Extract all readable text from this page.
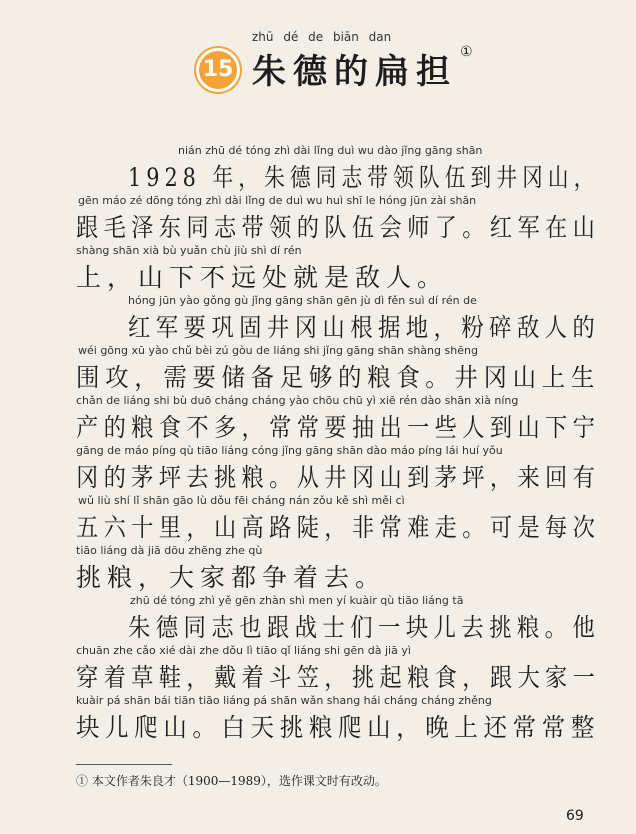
zhū dé de biān dan
15 朱德的扁担 ①
nián zhū dé tóng zhì dài lǐng duì wu dào jǐng gāng shān
1928 年，朱德同志带领队伍到井冈山，
gēn máo zé dōng tóng zhì dài lǐng de duì wu huì shī le hóng jūn zài shān
跟毛泽东同志带领的队伍会师了。红军在山
shàng shān xià bù yuǎn chù jiù shì dí rén
上，山下不远处就是敌人。
hóng jūn yào gǒng gù jǐng gāng shān gēn jù dì fěn suì dí rén de
红军要巩固井冈山根据地，粉碎敌人的
wéi gōng xū yào chǔ bèi zú gòu de liáng shi jǐng gāng shān shàng shēng
围攻，需要储备足够的粮食。井冈山上生
chǎn de liáng shi bù duō cháng cháng yào chōu chū yì xiē rén dào shān xià níng
产的粮食不多，常常要抽出一些人到山下宁
gāng de máo píng qù tiāo liáng cóng jǐng gāng shān dào máo píng lái huí yǒu
冈的茅坪去挑粮。从井冈山到茅坪，来回有
wǔ liù shí lǐ shān gāo lù dǒu fēi cháng nán zǒu kě shì měi cì
五六十里，山高路陡，非常难走。可是每次
tiāo liáng dà jiā dōu zhēng zhe qù
挑粮，大家都争着去。
zhū dé tóng zhì yě gēn zhàn shì men yí kuàir qù tiāo liáng tā
朱德同志也跟战士们一块儿去挑粮。他
chuān zhe cǎo xié dài zhe dǒu lì tiāo qǐ liáng shi gēn dà jiā yì
穿着草鞋，戴着斗笠，挑起粮食，跟大家一
kuàir pá shān bái tiān tiāo liáng pá shān wǎn shang hái cháng cháng zhěng
块儿爬山。白天挑粮爬山，晚上还常常整
① 本文作者朱良才（1900—1989），选作课文时有改动。
69
